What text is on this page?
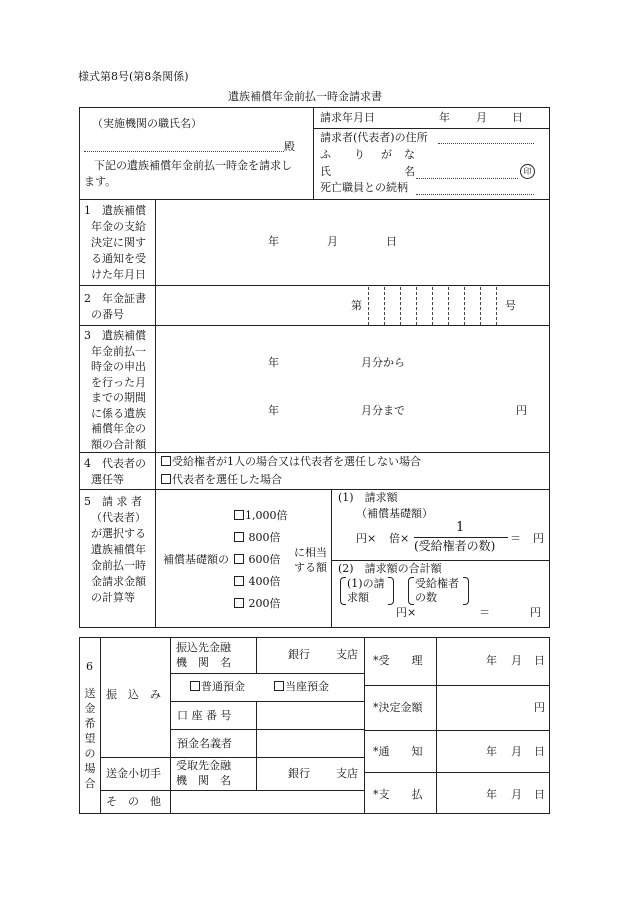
様式第8号(第8条関係)
遺族補償年金前払一時金請求書
（実施機関の職氏名）
殿
下記の遺族補償年金前払一時金を請求し
ます。
請求年月日	年 月 日
請求者(代表者)の住所
ふ り が な
氏	名	印
死亡職員との続柄
1　遺族補償
年金の支給
決定に関す
る通知を受
けた年月日
年	月	日
2　年金証書
の番号
第	号
3　遺族補償
年金前払一
時金の申出
を行った月
までの期間
に係る遺族
補償年金の
額の合計額
年	月分から
年	月分まで	円
4　代表者の
選任等
受給権者が1人の場合又は代表者を選任しない場合
代表者を選任した場合
5　請 求 者
（代表者）
が選択する
遺族補償年
金前払一時
金請求金額
の計算等
1,000倍
800倍
補償基礎額の	600倍
400倍
200倍
に相当
する額
(1)　請求額
（補償基礎額）
円× 倍×
1
(受給権者の数)
＝ 円
(2)　請求額の合計額
(1)の請
求額
受給権者
の数
円×	＝	円
6
送金希望の場合
振　込　み
振込先金融
機　関　名
銀行 支店
普通預金	当座預金
口 座 番 号
預金名義者
送金小切手
受取先金融
機　関　名
銀行 支店
そ　の　他
*受　　理	年 月 日
*決定金額	円
*通　　知	年 月 日
*支　　払	年 月 日
